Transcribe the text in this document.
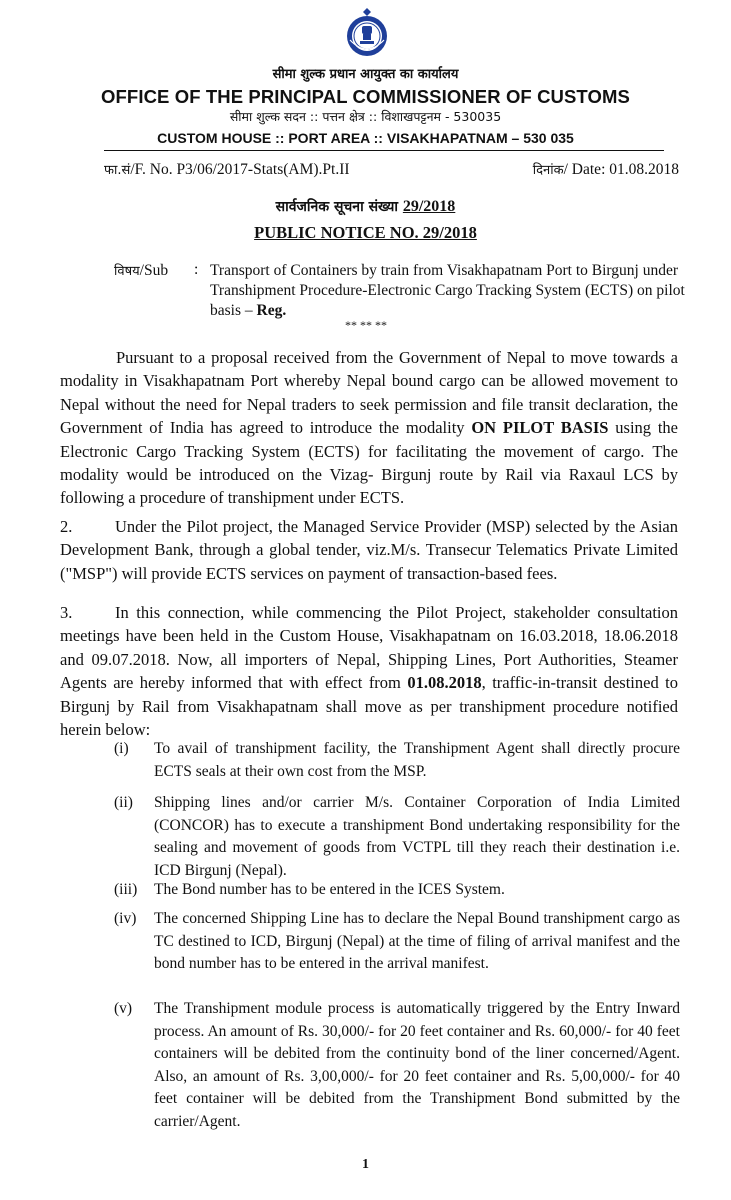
सीमा शुल्क प्रधान आयुक्त का कार्यालय
OFFICE OF THE PRINCIPAL COMMISSIONER OF CUSTOMS
सीमा शुल्क सदन :: पत्तन क्षेत्र :: विशाखपट्टनम - 530035
CUSTOM HOUSE :: PORT AREA :: VISAKHAPATNAM – 530 035
फा.सं/F. No. P3/06/2017-Stats(AM).Pt.II	दिनांक/ Date: 01.08.2018
सार्वजनिक सूचना संख्या 29/2018
PUBLIC NOTICE NO. 29/2018
विषय/Sub : Transport of Containers by train from Visakhapatnam Port to Birgunj under Transhipment Procedure-Electronic Cargo Tracking System (ECTS) on pilot basis – Reg.
** ** **

Pursuant to a proposal received from the Government of Nepal to move towards a modality in Visakhapatnam Port whereby Nepal bound cargo can be allowed movement to Nepal without the need for Nepal traders to seek permission and file transit declaration, the Government of India has agreed to introduce the modality ON PILOT BASIS using the Electronic Cargo Tracking System (ECTS) for facilitating the movement of cargo. The modality would be introduced on the Vizag- Birgunj route by Rail via Raxaul LCS by following a procedure of transhipment under ECTS.

2.	Under the Pilot project, the Managed Service Provider (MSP) selected by the Asian Development Bank, through a global tender, viz.M/s. Transecur Telematics Private Limited ("MSP") will provide ECTS services on payment of transaction-based fees.

3.	In this connection, while commencing the Pilot Project, stakeholder consultation meetings have been held in the Custom House, Visakhapatnam on 16.03.2018, 18.06.2018 and 09.07.2018. Now, all importers of Nepal, Shipping Lines, Port Authorities, Steamer Agents are hereby informed that with effect from 01.08.2018, traffic-in-transit destined to Birgunj by Rail from Visakhapatnam shall move as per transhipment procedure notified herein below:

(i)	To avail of transhipment facility, the Transhipment Agent shall directly procure ECTS seals at their own cost from the MSP.
(ii)	Shipping lines and/or carrier M/s. Container Corporation of India Limited (CONCOR) has to execute a transhipment Bond undertaking responsibility for the sealing and movement of goods from VCTPL till they reach their destination i.e. ICD Birgunj (Nepal).
(iii)	The Bond number has to be entered in the ICES System.
(iv)	The concerned Shipping Line has to declare the Nepal Bound transhipment cargo as TC destined to ICD, Birgunj (Nepal) at the time of filing of arrival manifest and the bond number has to be entered in the arrival manifest.
(v)	The Transhipment module process is automatically triggered by the Entry Inward process. An amount of Rs. 30,000/- for 20 feet container and Rs. 60,000/- for 40 feet containers will be debited from the continuity bond of the liner concerned/Agent. Also, an amount of Rs. 3,00,000/- for 20 feet container and Rs. 5,00,000/- for 40 feet container will be debited from the Transhipment Bond submitted by the carrier/Agent.
1
